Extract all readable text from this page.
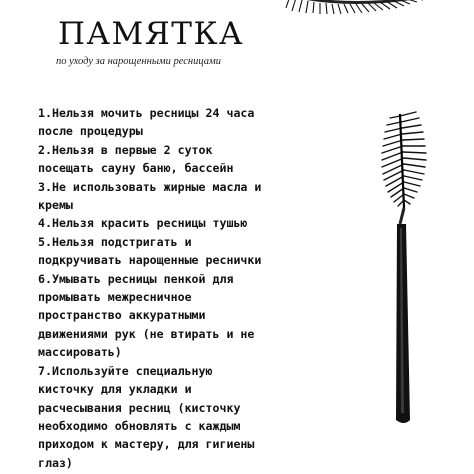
ПАМЯТКА

по уходу за нарощенными ресницами

1.Нельзя мочить ресницы 24 часа
после процедуры
2.Нельзя в первые 2 суток
посещать сауну баню, бассейн
3.Не использовать жирные масла и
кремы
4.Нельзя красить ресницы тушью
5.Нельзя подстригать и
подкручивать нарощенные реснички
6.Умывать ресницы пенкой для
промывать межресничное
пространство аккуратными
движениями рук (не втирать и не
массировать)
7.Используйте специальную
кисточку для укладки и
расчесывания ресниц (кисточку
необходимо обновлять с каждым
приходом к мастеру, для гигиены
глаз)
